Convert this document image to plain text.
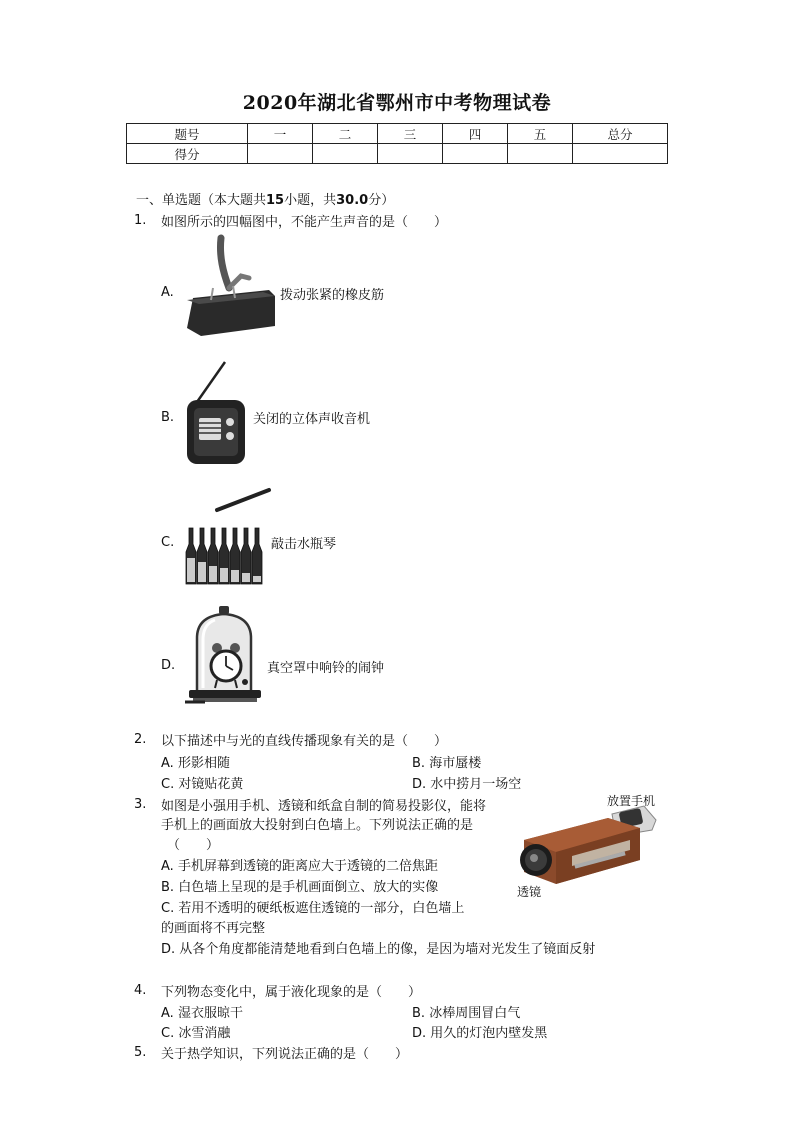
2020年湖北省鄂州市中考物理试卷
题号	一	二	三	四	五	总分
得分						
一、单选题（本大题共15小题，共30.0分）
1. 如图所示的四幅图中，不能产生声音的是（　　）
A.	拨动张紧的橡皮筋
B.	关闭的立体声收音机
C.	敲击水瓶琴
D.	真空罩中响铃的闹钟
2. 以下描述中与光的直线传播现象有关的是（　　）
A. 形影相随	B. 海市蜃楼
C. 对镜贴花黄	D. 水中捞月一场空
3. 如图是小强用手机、透镜和纸盒自制的简易投影仪，能将
手机上的画面放大投射到白色墙上。下列说法正确的是
（　　）
放置手机
透镜
A. 手机屏幕到透镜的距离应大于透镜的二倍焦距
B. 白色墙上呈现的是手机画面倒立、放大的实像
C. 若用不透明的硬纸板遮住透镜的一部分，白色墙上
的画面将不再完整
D. 从各个角度都能清楚地看到白色墙上的像，是因为墙对光发生了镜面反射
4. 下列物态变化中，属于液化现象的是（　　）
A. 湿衣服晾干	B. 冰棒周围冒白气
C. 冰雪消融	D. 用久的灯泡内壁发黑
5. 关于热学知识，下列说法正确的是（　　）
